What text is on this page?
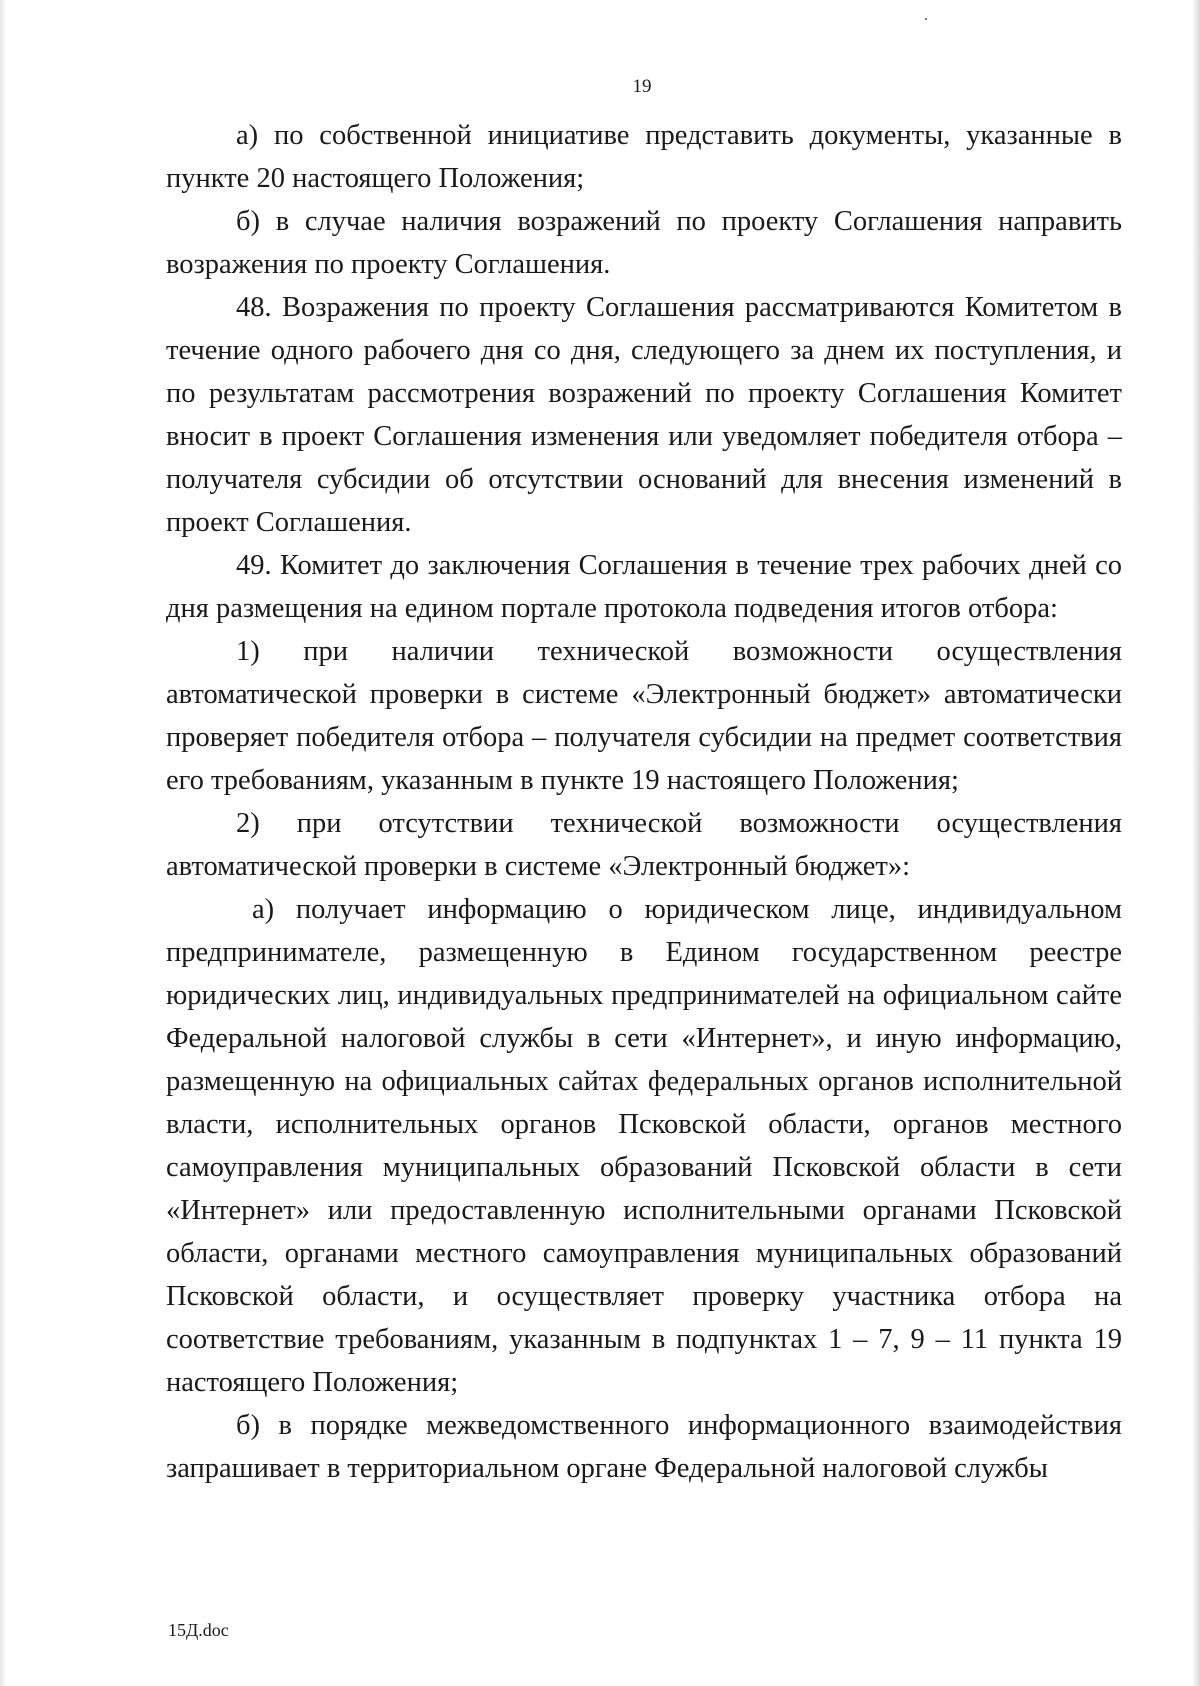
19

а) по собственной инициативе представить документы, указанные в пункте 20 настоящего Положения;

б) в случае наличия возражений по проекту Соглашения направить возражения по проекту Соглашения.

48. Возражения по проекту Соглашения рассматриваются Комитетом в течение одного рабочего дня со дня, следующего за днем их поступления, и по результатам рассмотрения возражений по проекту Соглашения Комитет вносит в проект Соглашения изменения или уведомляет победителя отбора – получателя субсидии об отсутствии оснований для внесения изменений в проект Соглашения.

49. Комитет до заключения Соглашения в течение трех рабочих дней со дня размещения на едином портале протокола подведения итогов отбора:

1) при наличии технической возможности осуществления автоматической проверки в системе «Электронный бюджет» автоматически проверяет победителя отбора – получателя субсидии на предмет соответствия его требованиям, указанным в пункте 19 настоящего Положения;

2) при отсутствии технической возможности осуществления автоматической проверки в системе «Электронный бюджет»:

а) получает информацию о юридическом лице, индивидуальном предпринимателе, размещенную в Едином государственном реестре юридических лиц, индивидуальных предпринимателей на официальном сайте Федеральной налоговой службы в сети «Интернет», и иную информацию, размещенную на официальных сайтах федеральных органов исполнительной власти, исполнительных органов Псковской области, органов местного самоуправления муниципальных образований Псковской области в сети «Интернет» или предоставленную исполнительными органами Псковской области, органами местного самоуправления муниципальных образований Псковской области, и осуществляет проверку участника отбора на соответствие требованиям, указанным в подпунктах 1 – 7, 9 – 11 пункта 19 настоящего Положения;

б) в порядке межведомственного информационного взаимодействия запрашивает в территориальном органе Федеральной налоговой службы

15Д.doc
